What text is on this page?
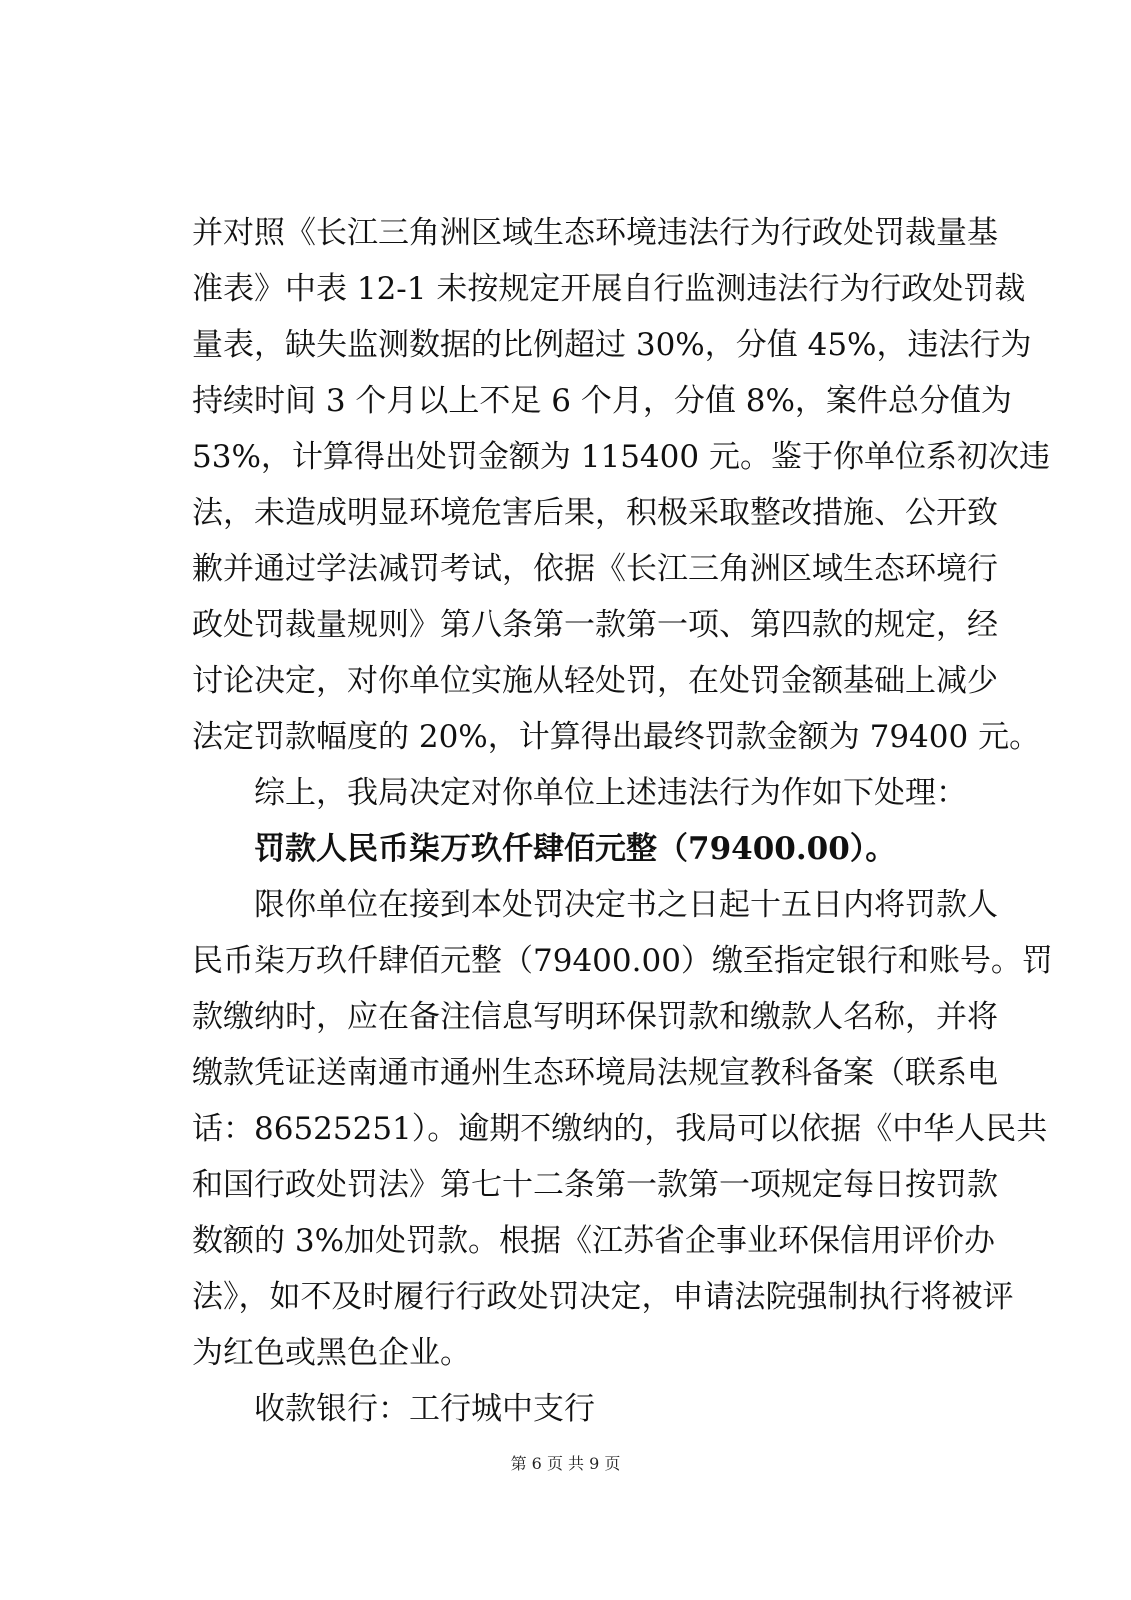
并对照《长江三角洲区域生态环境违法行为行政处罚裁量基
准表》中表 12-1 未按规定开展自行监测违法行为行政处罚裁
量表，缺失监测数据的比例超过 30%，分值 45%，违法行为
持续时间 3 个月以上不足 6 个月，分值 8%，案件总分值为
53%，计算得出处罚金额为 115400 元。鉴于你单位系初次违
法，未造成明显环境危害后果，积极采取整改措施、公开致
歉并通过学法减罚考试，依据《长江三角洲区域生态环境行
政处罚裁量规则》第八条第一款第一项、第四款的规定，经
讨论决定，对你单位实施从轻处罚，在处罚金额基础上减少
法定罚款幅度的 20%，计算得出最终罚款金额为 79400 元。
综上，我局决定对你单位上述违法行为作如下处理：
罚款人民币柒万玖仟肆佰元整（79400.00）。
限你单位在接到本处罚决定书之日起十五日内将罚款人
民币柒万玖仟肆佰元整（79400.00）缴至指定银行和账号。罚
款缴纳时，应在备注信息写明环保罚款和缴款人名称，并将
缴款凭证送南通市通州生态环境局法规宣教科备案（联系电
话：86525251）。逾期不缴纳的，我局可以依据《中华人民共
和国行政处罚法》第七十二条第一款第一项规定每日按罚款
数额的 3%加处罚款。根据《江苏省企事业环保信用评价办
法》，如不及时履行行政处罚决定，申请法院强制执行将被评
为红色或黑色企业。
收款银行：工行城中支行
第 6 页 共 9 页
